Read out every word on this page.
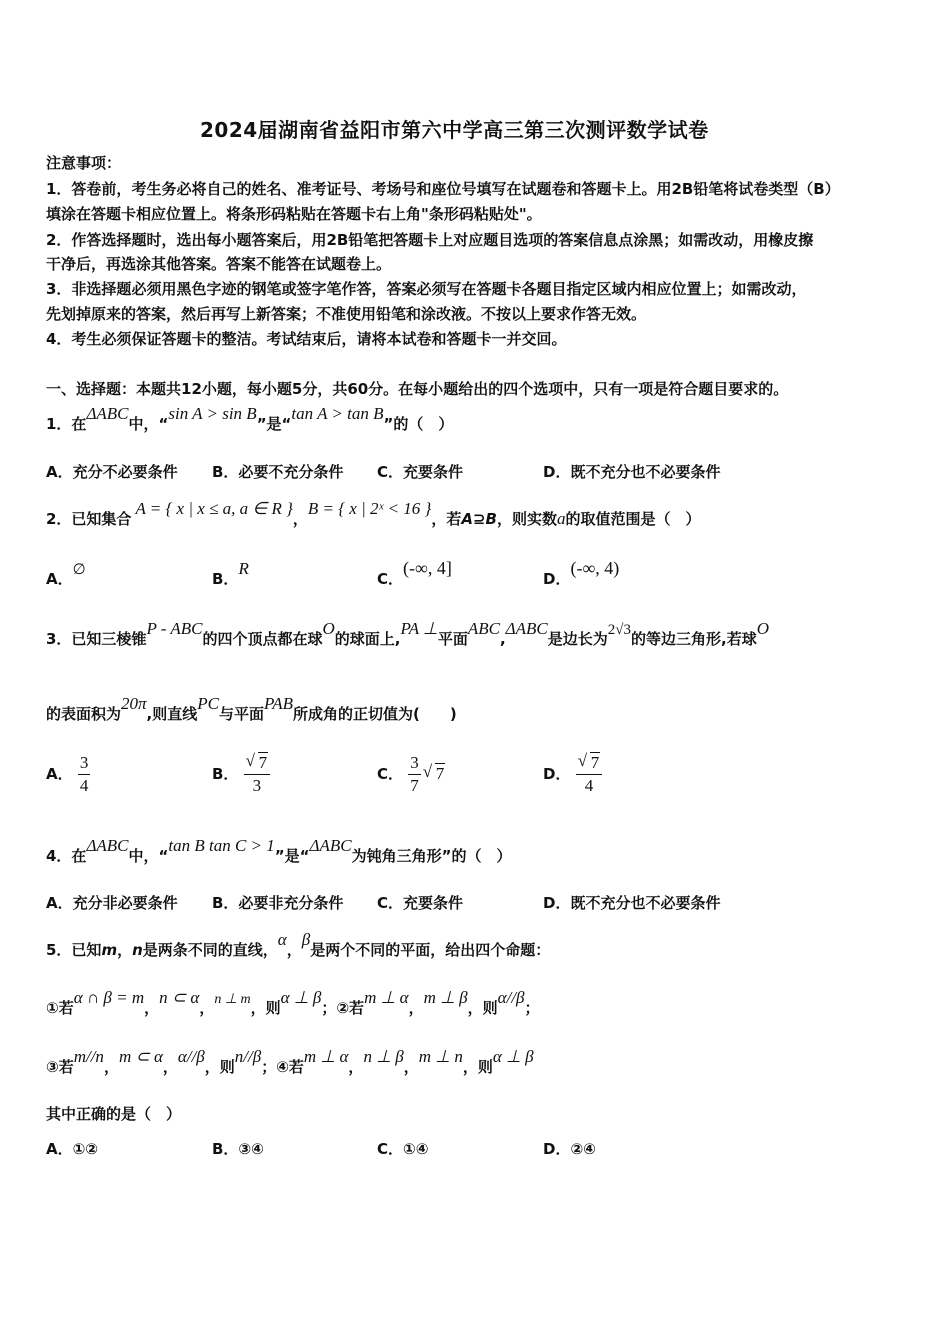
2024届湖南省益阳市第六中学高三第三次测评数学试卷
注意事项：
1．答卷前，考生务必将自己的姓名、准考证号、考场号和座位号填写在试题卷和答题卡上。用2B铅笔将试卷类型（B）
填涂在答题卡相应位置上。将条形码粘贴在答题卡右上角"条形码粘贴处"。
2．作答选择题时，选出每小题答案后，用2B铅笔把答题卡上对应题目选项的答案信息点涂黑；如需改动，用橡皮擦
干净后，再选涂其他答案。答案不能答在试题卷上。
3．非选择题必须用黑色字迹的钢笔或签字笔作答，答案必须写在答题卡各题目指定区域内相应位置上；如需改动，
先划掉原来的答案，然后再写上新答案；不准使用铅笔和涂改液。不按以上要求作答无效。
4．考生必须保证答题卡的整洁。考试结束后，请将本试卷和答题卡一并交回。
一、选择题：本题共12小题，每小题5分，共60分。在每小题给出的四个选项中，只有一项是符合题目要求的。
1．在ΔABC中，“sin A > sin B”是“tan A > tan B”的（　）
A．充分不必要条件 B．必要不充分条件 C．充要条件	D．既不充分也不必要条件
2．已知集合A = { x | x ≤ a, a ∈ R }，B = { x | 2ˣ < 16 }，若A⊇B，则实数a的取值范围是（　）
A．∅	B．R
C．(-∞, 4]
D．(-∞, 4)
3．已知三棱锥P - ABC的四个顶点都在球O的球面上,PA ⊥平面ABC,ΔABC是边长为2√3的等边三角形,若球O
的表面积为20π,则直线PC与平面PAB所成角的正切值为(　　)
A． $\frac{3}{4}$	B． √ $\frac{7}{3}$	C． $\frac{3}{7}$ √ 7	D． √ $\frac{7}{4}$
4．在ΔABC中，“tan B tan C > 1”是“ΔABC为钝角三角形”的（　）
A．充分非必要条件 B．必要非充分条件 C．充要条件	D．既不充分也不必要条件
5．已知m，n是两条不同的直线，α，β是两个不同的平面，给出四个命题：
①若α ∩ β = m，n ⊂ α，n ⊥ m，则α ⊥ β；②若m ⊥ α，m ⊥ β，则α//β；
③若m//n，m ⊂ α，α//β，则n//β；④若m ⊥ α，n ⊥ β，m ⊥ n，则α ⊥ β
其中正确的是（　）
A．①②	B．③④	C．①④	D．②④
